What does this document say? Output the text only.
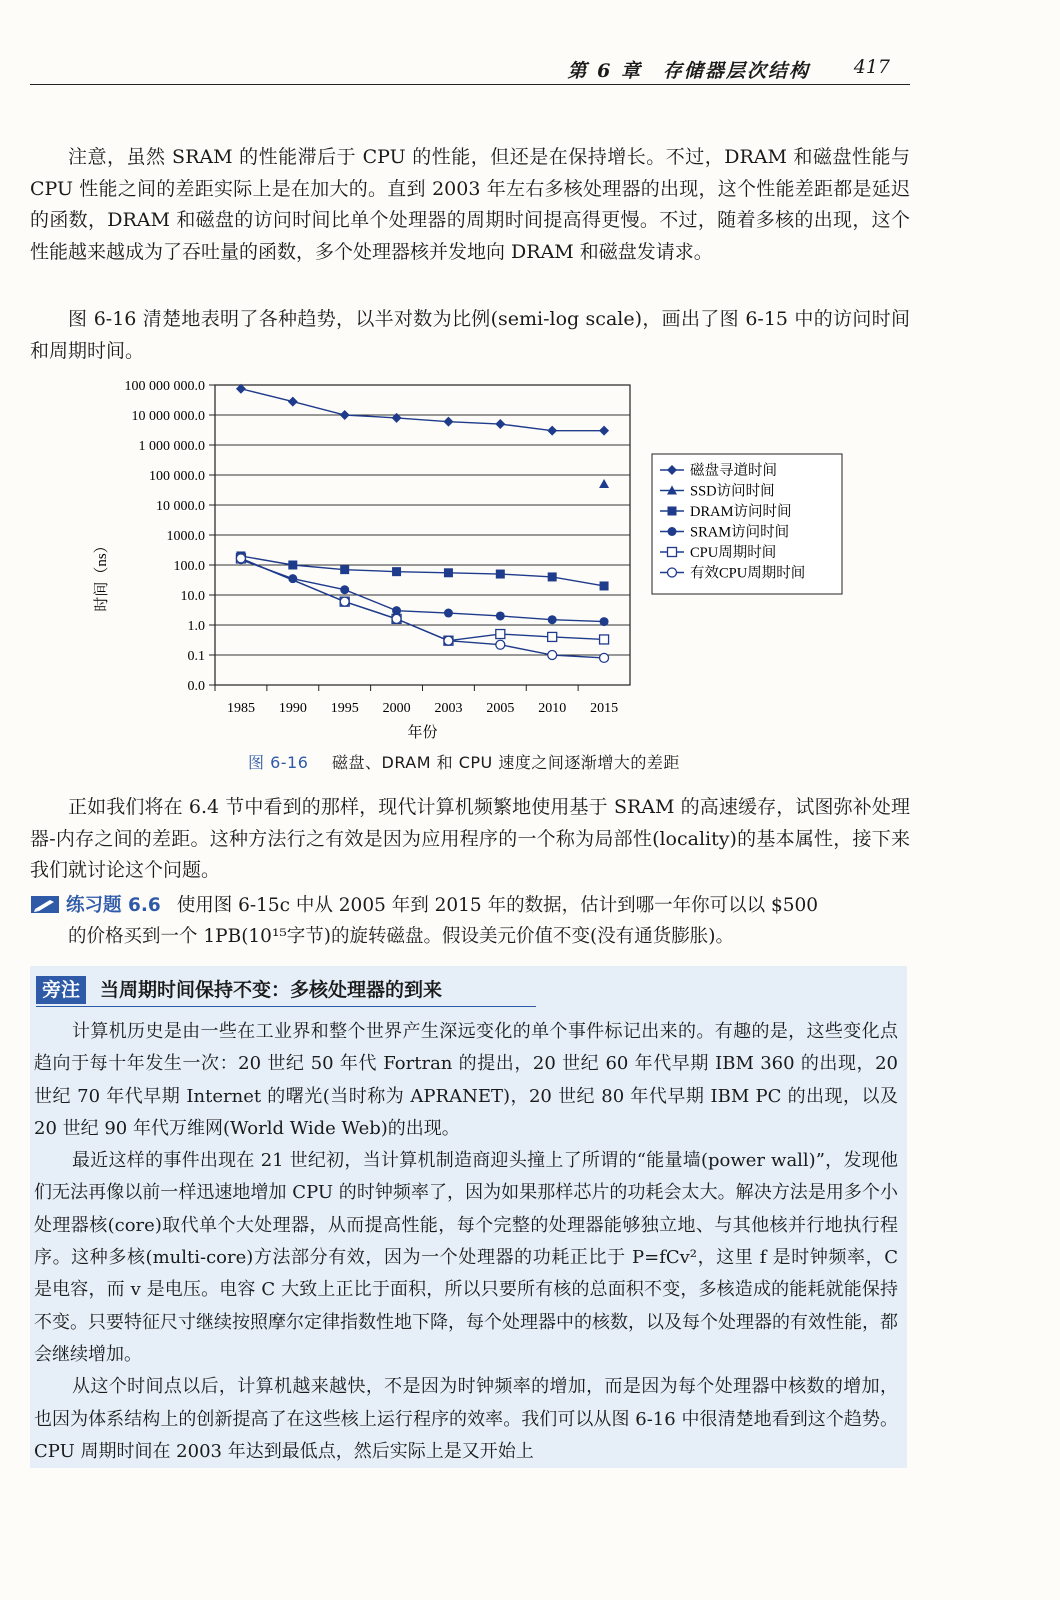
第 6 章　存储器层次结构 417

注意，虽然 SRAM 的性能滞后于 CPU 的性能，但还是在保持增长。不过，DRAM 和磁盘性能与 CPU 性能之间的差距实际上是在加大的。直到 2003 年左右多核处理器的出现，这个性能差距都是延迟的函数，DRAM 和磁盘的访问时间比单个处理器的周期时间提高得更慢。不过，随着多核的出现，这个性能越来越成为了吞吐量的函数，多个处理器核并发地向 DRAM 和磁盘发请求。

图 6-16 清楚地表明了各种趋势，以半对数为比例(semi-log scale)，画出了图 6-15 中的访问时间和周期时间。

0.0
0.1
1.0
10.0
100.0
1000.0
10 000.0
100 000.0
1 000 000.0
10 000 000.0
100 000 000.0
1985 1990 1995 2000 2003 2005 2010 2015
年份
时间（ns）
磁盘寻道时间
SSD访问时间
DRAM访问时间
SRAM访问时间
CPU周期时间
有效CPU周期时间
图 6-16 磁盘、DRAM 和 CPU 速度之间逐渐增大的差距

正如我们将在 6.4 节中看到的那样，现代计算机频繁地使用基于 SRAM 的高速缓存，试图弥补处理器-内存之间的差距。这种方法行之有效是因为应用程序的一个称为局部性(locality)的基本属性，接下来我们就讨论这个问题。

练习题 6.6 使用图 6-15c 中从 2005 年到 2015 年的数据，估计到哪一年你可以以 $500
的价格买到一个 1PB(10¹⁵字节)的旋转磁盘。假设美元价值不变(没有通货膨胀)。
旁注	当周期时间保持不变：多核处理器的到来

计算机历史是由一些在工业界和整个世界产生深远变化的单个事件标记出来的。有趣的是，这些变化点趋向于每十年发生一次：20 世纪 50 年代 Fortran 的提出，20 世纪 60 年代早期 IBM 360 的出现，20 世纪 70 年代早期 Internet 的曙光(当时称为 APRANET)，20 世纪 80 年代早期 IBM PC 的出现，以及 20 世纪 90 年代万维网(World Wide Web)的出现。

最近这样的事件出现在 21 世纪初，当计算机制造商迎头撞上了所谓的“能量墙(power wall)”，发现他们无法再像以前一样迅速地增加 CPU 的时钟频率了，因为如果那样芯片的功耗会太大。解决方法是用多个小处理器核(core)取代单个大处理器，从而提高性能，每个完整的处理器能够独立地、与其他核并行地执行程序。这种多核(multi-core)方法部分有效，因为一个处理器的功耗正比于 P=fCv²，这里 f 是时钟频率，C 是电容，而 v 是电压。电容 C 大致上正比于面积，所以只要所有核的总面积不变，多核造成的能耗就能保持不变。只要特征尺寸继续按照摩尔定律指数性地下降，每个处理器中的核数，以及每个处理器的有效性能，都会继续增加。

从这个时间点以后，计算机越来越快，不是因为时钟频率的增加，而是因为每个处理器中核数的增加，也因为体系结构上的创新提高了在这些核上运行程序的效率。我们可以从图 6-16 中很清楚地看到这个趋势。CPU 周期时间在 2003 年达到最低点，然后实际上是又开始上
